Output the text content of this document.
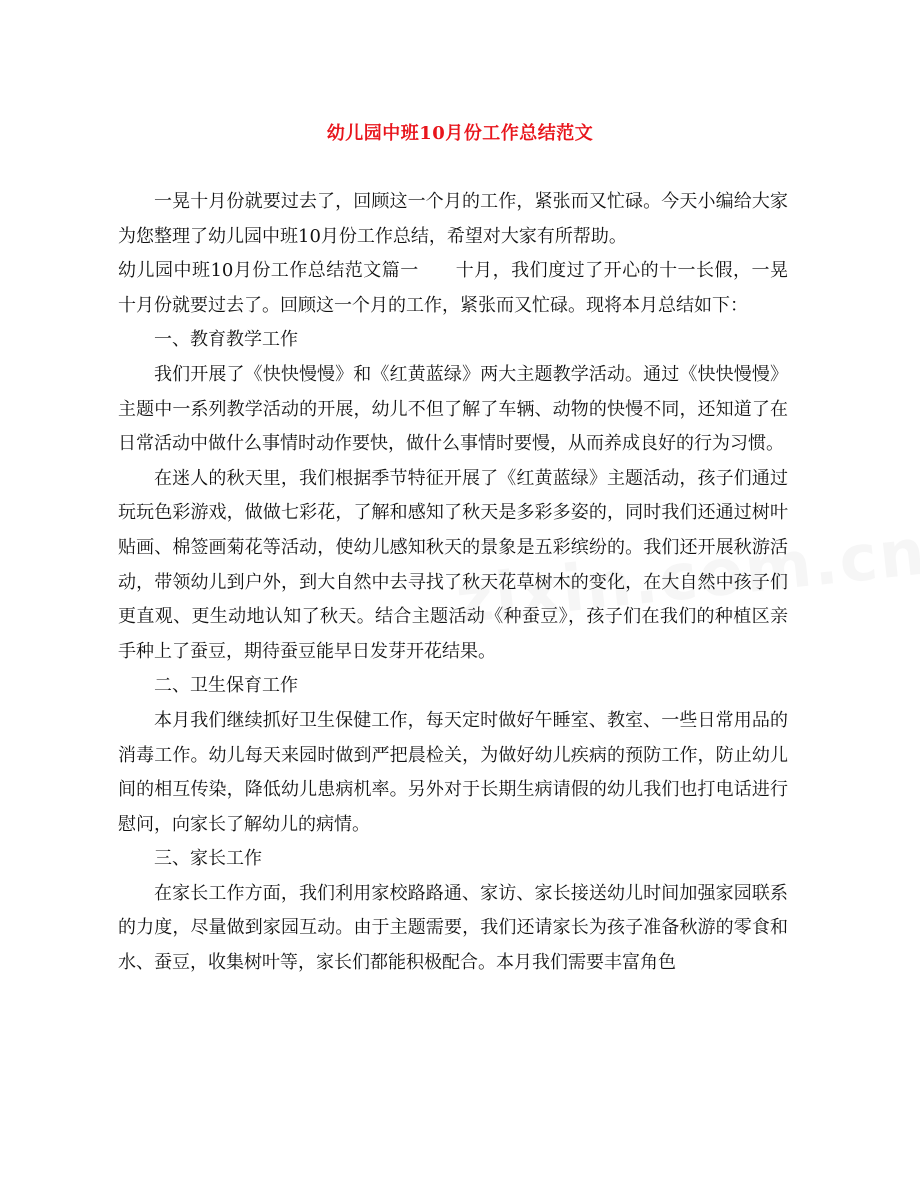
幼儿园中班10月份工作总结范文

一晃十月份就要过去了，回顾这一个月的工作，紧张而又忙碌。今天小编给大家为您整理了幼儿园中班10月份工作总结，希望对大家有所帮助。

幼儿园中班10月份工作总结范文篇一　　十月，我们度过了开心的十一长假，一晃十月份就要过去了。回顾这一个月的工作，紧张而又忙碌。现将本月总结如下：

一、教育教学工作

我们开展了《快快慢慢》和《红黄蓝绿》两大主题教学活动。通过《快快慢慢》主题中一系列教学活动的开展，幼儿不但了解了车辆、动物的快慢不同，还知道了在日常活动中做什么事情时动作要快，做什么事情时要慢，从而养成良好的行为习惯。

在迷人的秋天里，我们根据季节特征开展了《红黄蓝绿》主题活动，孩子们通过玩玩色彩游戏，做做七彩花，了解和感知了秋天是多彩多姿的，同时我们还通过树叶贴画、棉签画菊花等活动，使幼儿感知秋天的景象是五彩缤纷的。我们还开展秋游活动，带领幼儿到户外，到大自然中去寻找了秋天花草树木的变化，在大自然中孩子们更直观、更生动地认知了秋天。结合主题活动《种蚕豆》，孩子们在我们的种植区亲手种上了蚕豆，期待蚕豆能早日发芽开花结果。

二、卫生保育工作

本月我们继续抓好卫生保健工作，每天定时做好午睡室、教室、一些日常用品的消毒工作。幼儿每天来园时做到严把晨检关，为做好幼儿疾病的预防工作，防止幼儿间的相互传染，降低幼儿患病机率。另外对于长期生病请假的幼儿我们也打电话进行慰问，向家长了解幼儿的病情。

三、家长工作

在家长工作方面，我们利用家校路路通、家访、家长接送幼儿时间加强家园联系的力度，尽量做到家园互动。由于主题需要，我们还请家长为孩子准备秋游的零食和水、蚕豆，收集树叶等，家长们都能积极配合。本月我们需要丰富角色
